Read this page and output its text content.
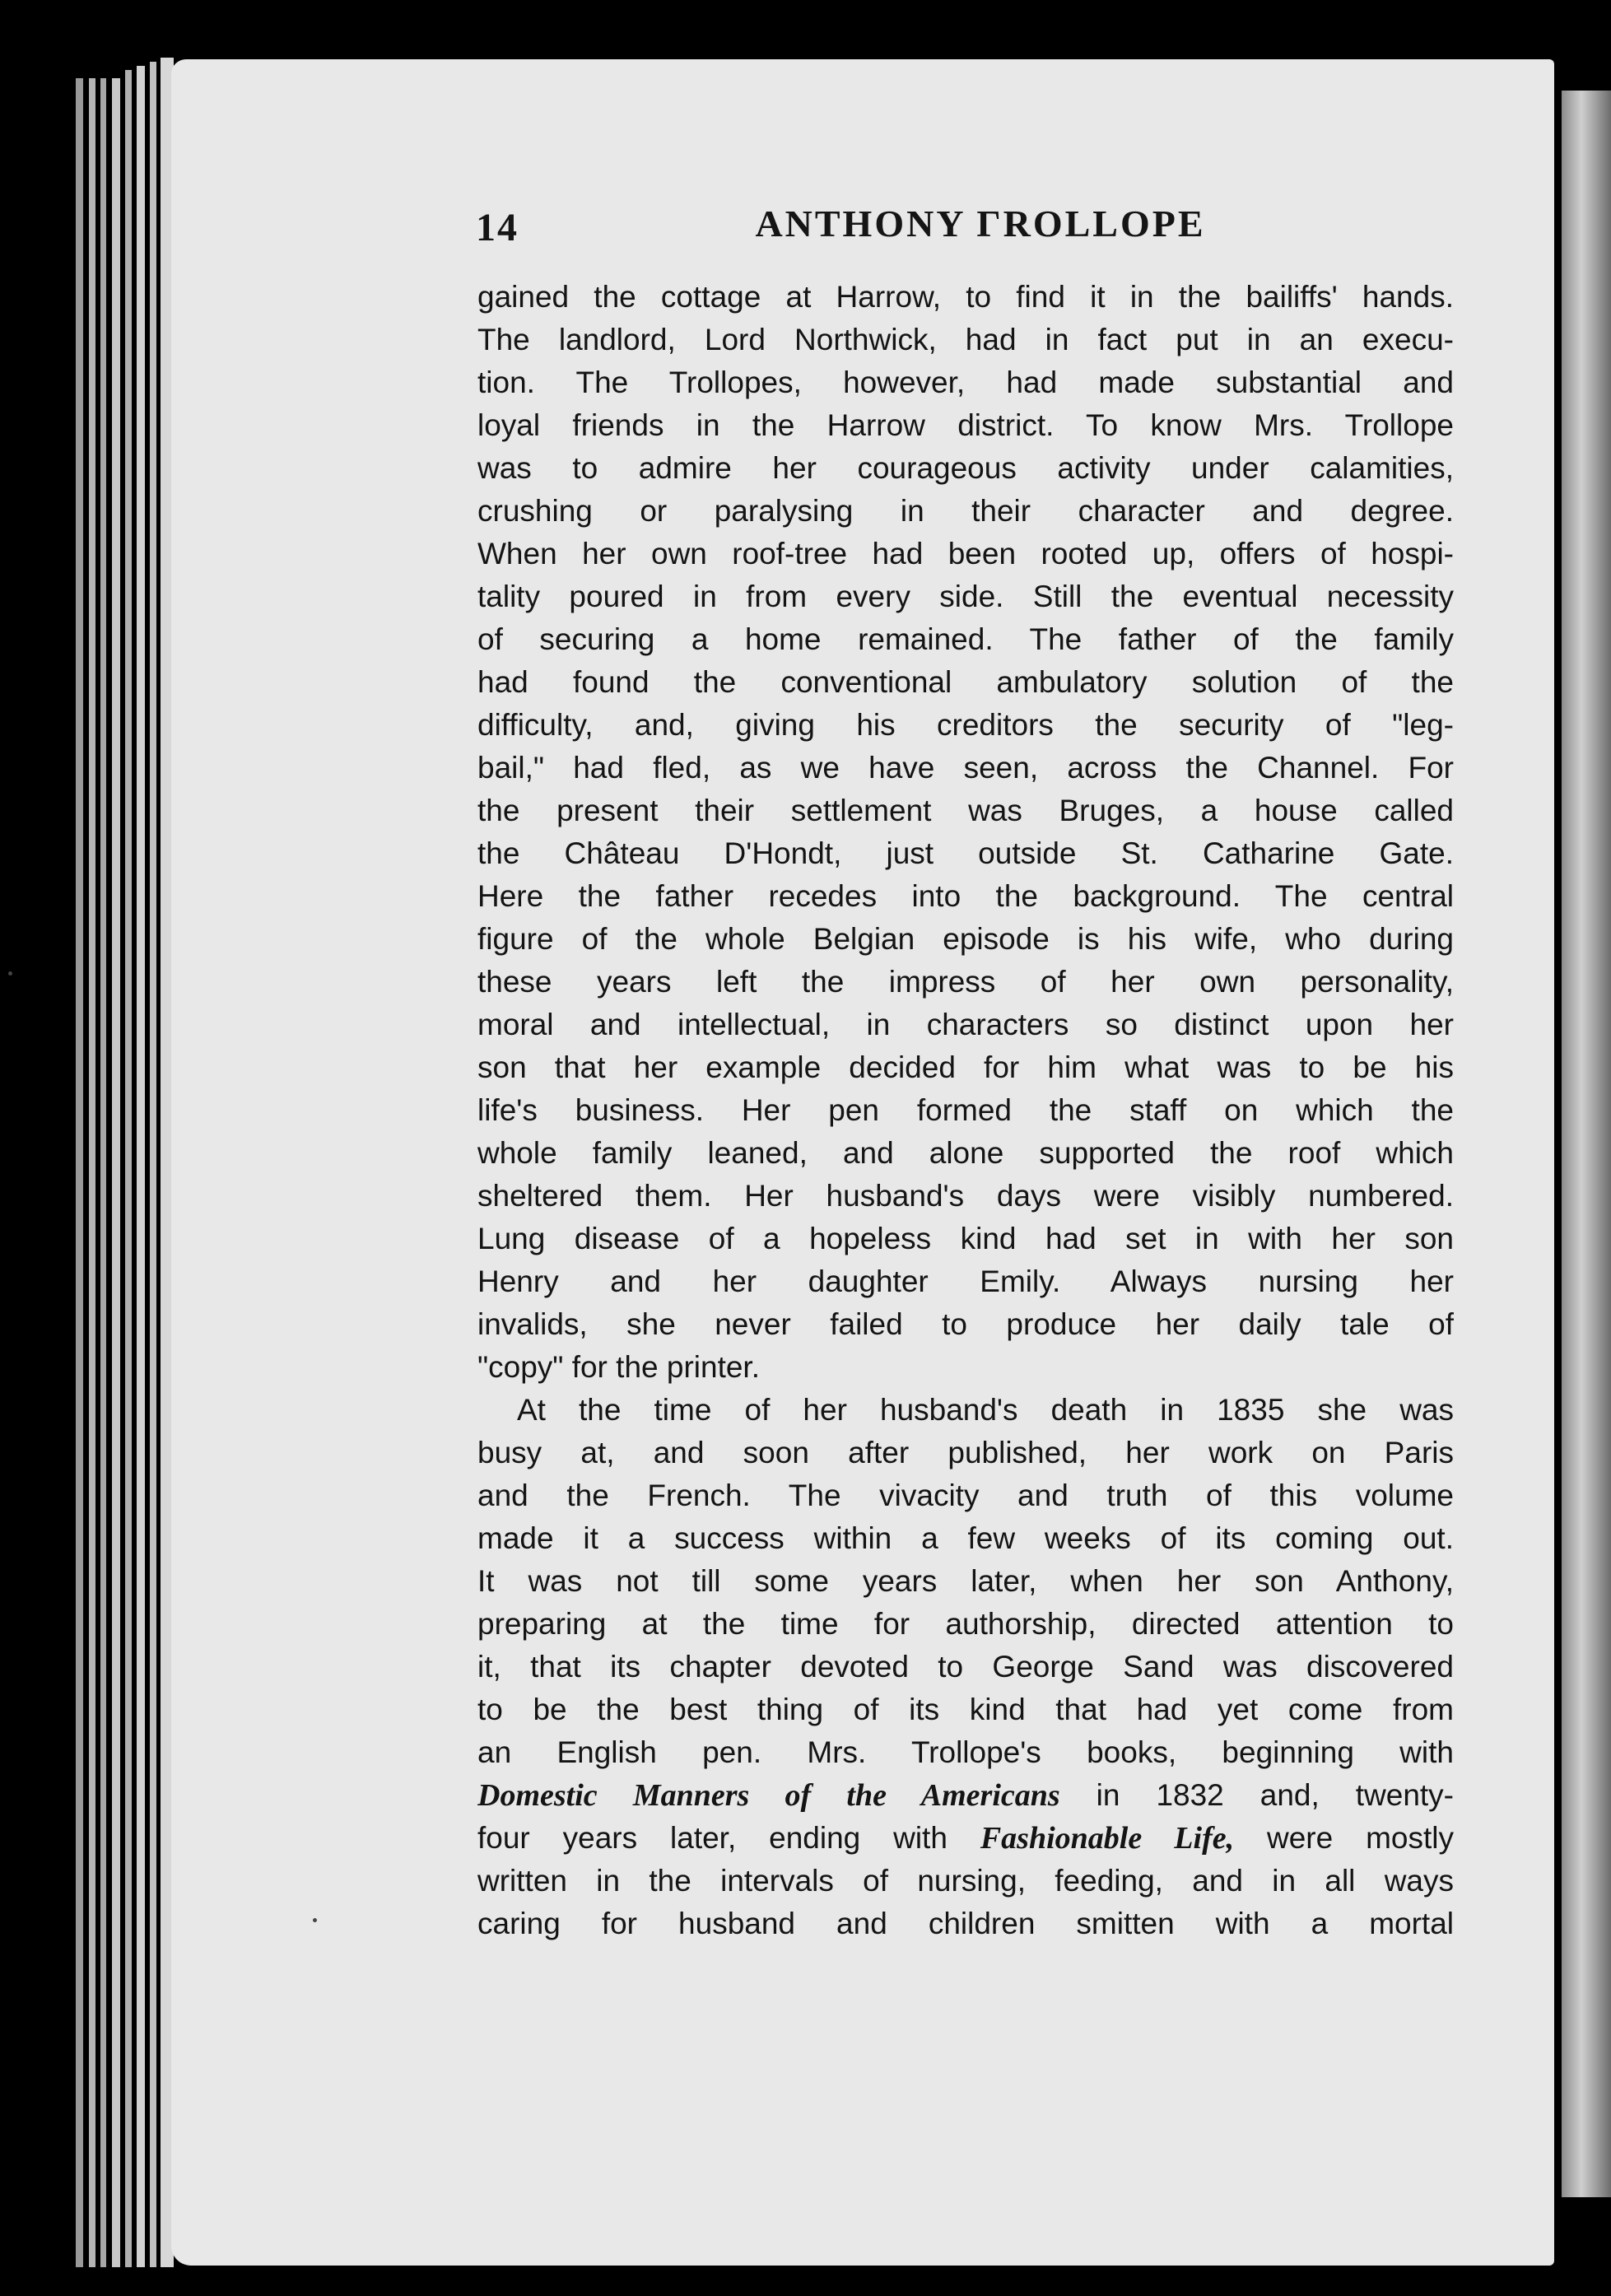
14	ANTHONY ΓROLLOPE

gained the cottage at Harrow, to find it in the bailiffs' hands.
The landlord, Lord Northwick, had in fact put in an execu-
tion. The Trollopes, however, had made substantial and
loyal friends in the Harrow district. To know Mrs. Trollope
was to admire her courageous activity under calamities,
crushing or paralysing in their character and degree.
When her own roof-tree had been rooted up, offers of hospi-
tality poured in from every side. Still the eventual necessity
of securing a home remained. The father of the family
had found the conventional ambulatory solution of the
difficulty, and, giving his creditors the security of "leg-
bail," had fled, as we have seen, across the Channel. For
the present their settlement was Bruges, a house called
the Château D'Hondt, just outside St. Catharine Gate.
Here the father recedes into the background. The central
figure of the whole Belgian episode is his wife, who during
these years left the impress of her own personality,
moral and intellectual, in characters so distinct upon her
son that her example decided for him what was to be his
life's business. Her pen formed the staff on which the
whole family leaned, and alone supported the roof which
sheltered them. Her husband's days were visibly numbered.
Lung disease of a hopeless kind had set in with her son
Henry and her daughter Emily. Always nursing her
invalids, she never failed to produce her daily tale of
"copy" for the printer.

At the time of her husband's death in 1835 she was
busy at, and soon after published, her work on Paris
and the French. The vivacity and truth of this volume
made it a success within a few weeks of its coming out.
It was not till some years later, when her son Anthony,
preparing at the time for authorship, directed attention to
it, that its chapter devoted to George Sand was discovered
to be the best thing of its kind that had yet come from
an English pen. Mrs. Trollope's books, beginning with
Domestic Manners of the Americans in 1832 and, twenty-
four years later, ending with Fashionable Life, were mostly
written in the intervals of nursing, feeding, and in all ways
caring for husband and children smitten with a mortal
